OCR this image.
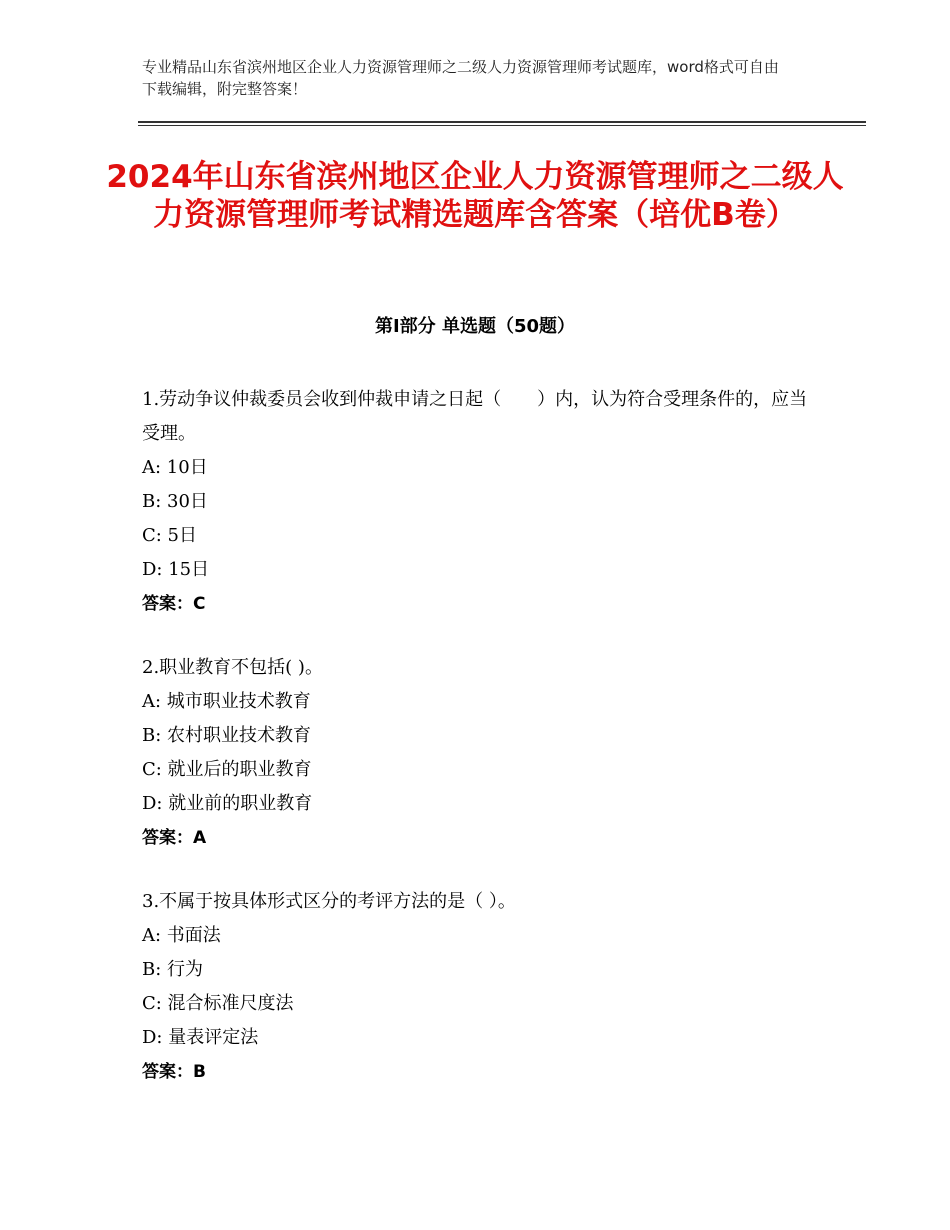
专业精品山东省滨州地区企业人力资源管理师之二级人力资源管理师考试题库，word格式可自由下载编辑，附完整答案！
2024年山东省滨州地区企业人力资源管理师之二级人力资源管理师考试精选题库含答案（培优B卷）
第Ⅰ部分 单选题（50题）
1.劳动争议仲裁委员会收到仲裁申请之日起（　　）内，认为符合受理条件的，应当受理。
A: 10日
B: 30日
C: 5日
D: 15日
答案：C
2.职业教育不包括( )。
A: 城市职业技术教育
B: 农村职业技术教育
C: 就业后的职业教育
D: 就业前的职业教育
答案：A
3.不属于按具体形式区分的考评方法的是（ ）。
A: 书面法
B: 行为
C: 混合标准尺度法
D: 量表评定法
答案：B
